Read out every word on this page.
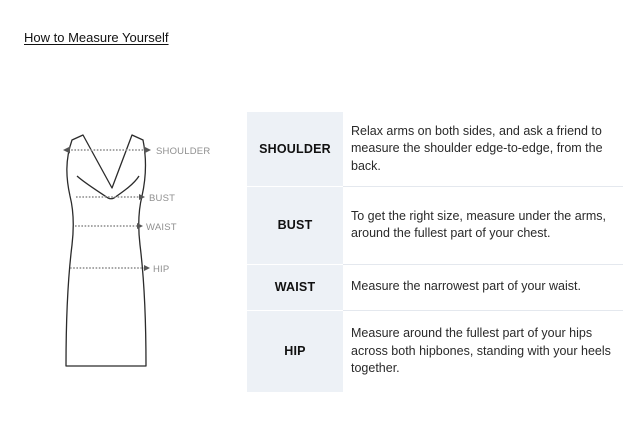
How to Measure Yourself
SHOULDER
BUST
WAIST
HIP
SHOULDER	Relax arms on both sides, and ask a friend to measure the shoulder edge-to-edge, from the back.
BUST	To get the right size, measure under the arms, around the fullest part of your chest.
WAIST	Measure the narrowest part of your waist.
HIP	Measure around the fullest part of your hips across both hipbones, standing with your heels together.
